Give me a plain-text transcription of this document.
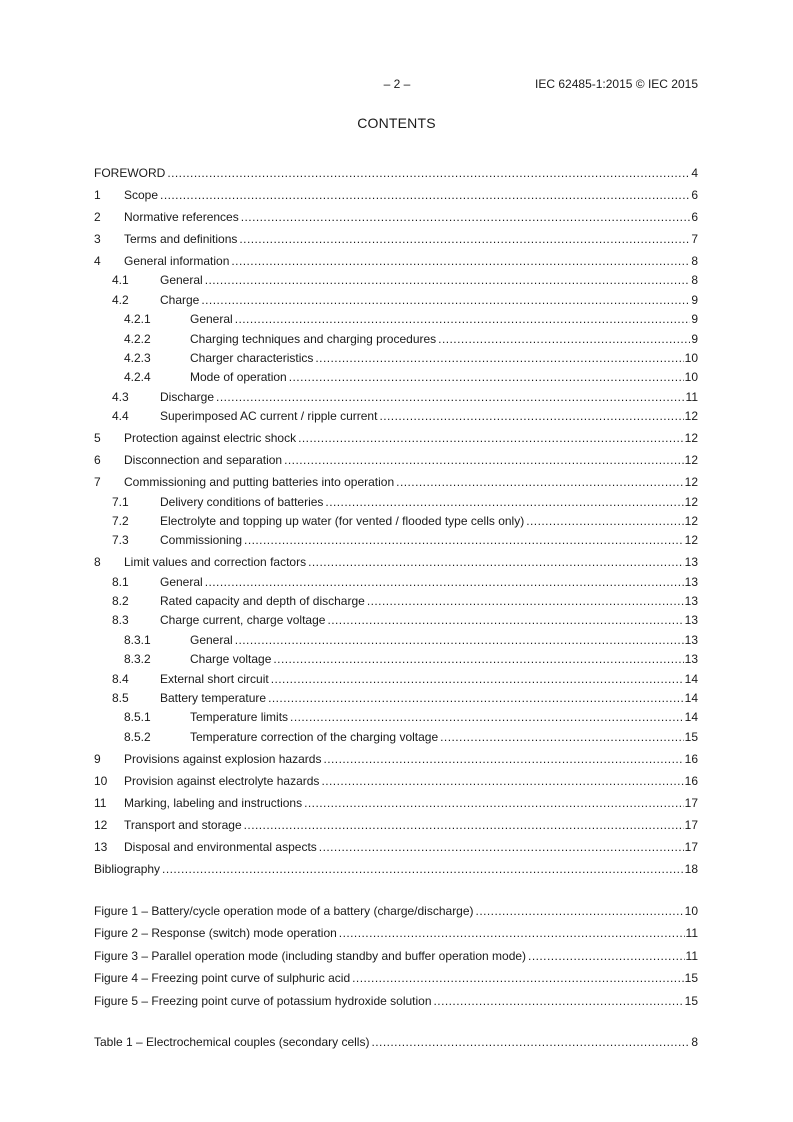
– 2 –	IEC 62485-1:2015 © IEC 2015
CONTENTS
FOREWORD .....	4
1	Scope .....	6
2	Normative references .....	6
3	Terms and definitions .....	7
4	General information .....	8
4.1	General .....	8
4.2	Charge .....	9
4.2.1	General .....	9
4.2.2	Charging techniques and charging procedures .....	9
4.2.3	Charger characteristics .....	10
4.2.4	Mode of operation .....	10
4.3	Discharge .....	11
4.4	Superimposed AC current / ripple current .....	12
5	Protection against electric shock .....	12
6	Disconnection and separation .....	12
7	Commissioning and putting batteries into operation .....	12
7.1	Delivery conditions of batteries .....	12
7.2	Electrolyte and topping up water (for vented / flooded type cells only) .....	12
7.3	Commissioning .....	12
8	Limit values and correction factors .....	13
8.1	General .....	13
8.2	Rated capacity and depth of discharge .....	13
8.3	Charge current, charge voltage .....	13
8.3.1	General .....	13
8.3.2	Charge voltage .....	13
8.4	External short circuit .....	14
8.5	Battery temperature .....	14
8.5.1	Temperature limits .....	14
8.5.2	Temperature correction of the charging voltage .....	15
9	Provisions against explosion hazards .....	16
10	Provision against electrolyte hazards .....	16
11	Marking, labeling and instructions .....	17
12	Transport and storage .....	17
13	Disposal and environmental aspects .....	17
Bibliography .....	18
Figure 1 – Battery/cycle operation mode of a battery (charge/discharge) .....	10
Figure 2 – Response (switch) mode operation .....	11
Figure 3 – Parallel operation mode (including standby and buffer operation mode) .....	11
Figure 4 – Freezing point curve of sulphuric acid .....	15
Figure 5 – Freezing point curve of potassium hydroxide solution .....	15
Table 1 – Electrochemical couples (secondary cells) .....	8
